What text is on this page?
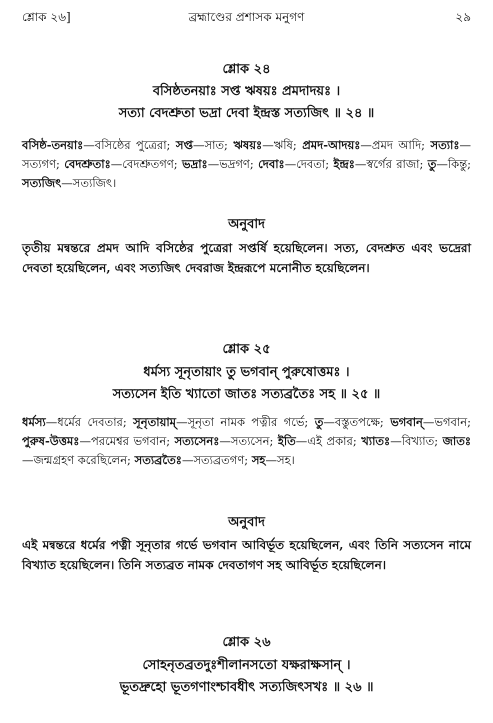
শ্লোক ২৬]	ব্রহ্মাণ্ডের প্রশাসক মনুগণ	২৯
শ্লোক ২৪
বসিষ্ঠতনয়াঃ সপ্ত ঋষয়ঃ প্রমদাদয়ঃ ।
সত্যা বেদশ্রুতা ভদ্রা দেবা ইন্দ্রস্ত সত্যজিৎ ॥ ২৪ ॥
বসিষ্ঠ-তনয়াঃ—বসিষ্ঠের পুত্রেরা; সপ্ত—সাত; ঋষয়ঃ—ঋষি; প্রমদ-আদয়ঃ—প্রমদ আদি; সত্যাঃ—সত্যগণ; বেদশ্রুতাঃ—বেদশ্রুতগণ; ভদ্রাঃ—ভদ্রগণ; দেবাঃ—দেবতা; ইন্দ্রঃ—স্বর্গের রাজা; তু—কিন্তু; সত্যজিৎ—সত্যজিৎ।
অনুবাদ
তৃতীয় মন্বন্তরে প্রমদ আদি বসিষ্ঠের পুত্রেরা সপ্তর্ষি হয়েছিলেন। সত্য, বেদশ্রুত এবং ভদ্রেরা দেবতা হয়েছিলেন, এবং সত্যজিৎ দেবরাজ ইন্দ্ররূপে মনোনীত হয়েছিলেন।
শ্লোক ২৫
ধর্মস্য সূনৃতায়াং তু ভগবান্ পুরুষোত্তমঃ ।
সত্যসেন ইতি খ্যাতো জাতঃ সত্যব্রতৈঃ সহ ॥ ২৫ ॥
ধর্মস্য—ধর্মের দেবতার; সূনৃতায়াম্—সূনৃতা নামক পত্নীর গর্ভে; তু—বস্তুতপক্ষে; ভগবান্—ভগবান; পুরুষ-উত্তমঃ—পরমেশ্বর ভগবান; সত্যসেনঃ—সত্যসেন; ইতি—এই প্রকার; খ্যাতঃ—বিখ্যাত; জাতঃ—জন্মগ্রহণ করেছিলেন; সত্যব্রতৈঃ—সত্যব্রতগণ; সহ—সহ।
অনুবাদ
এই মন্বন্তরে ধর্মের পত্নী সূনৃতার গর্ভে ভগবান আবির্ভূত হয়েছিলেন, এবং তিনি সত্যসেন নামে বিখ্যাত হয়েছিলেন। তিনি সত্যব্রত নামক দেবতাগণ সহ আবির্ভূত হয়েছিলেন।
শ্লোক ২৬
সোহনৃতব্রতদুঃশীলানসতো যক্ষরাক্ষসান্ ।
ভূতদ্রুহো ভূতগণাংশ্চাবধীৎ সত্যজিৎসখঃ ॥ ২৬ ॥
